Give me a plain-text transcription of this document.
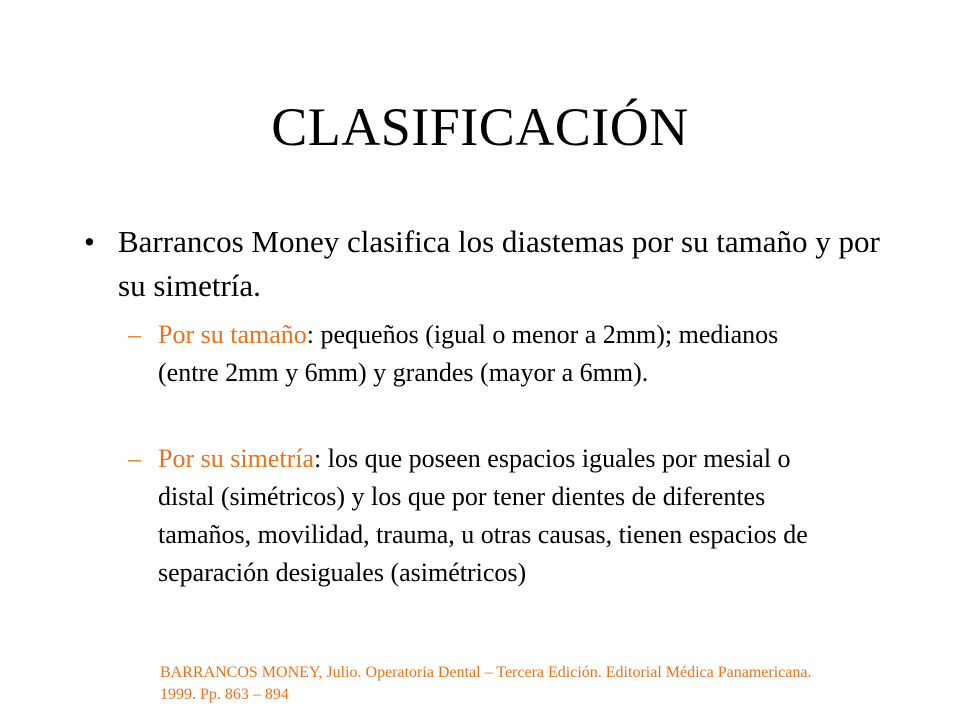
CLASIFICACIÓN
• Barrancos Money clasifica los diastemas por su tamaño y por su simetría.
– Por su tamaño: pequeños (igual o menor a 2mm); medianos (entre 2mm y 6mm) y grandes (mayor a 6mm).
– Por su simetría: los que poseen espacios iguales por mesial o distal (simétricos) y los que por tener dientes de diferentes tamaños, movilidad, trauma, u otras causas, tienen espacios de separación desiguales (asimétricos)
BARRANCOS MONEY, Julio. Operatoria Dental – Tercera Edición. Editorial Médica Panamericana. 1999. Pp. 863 – 894
